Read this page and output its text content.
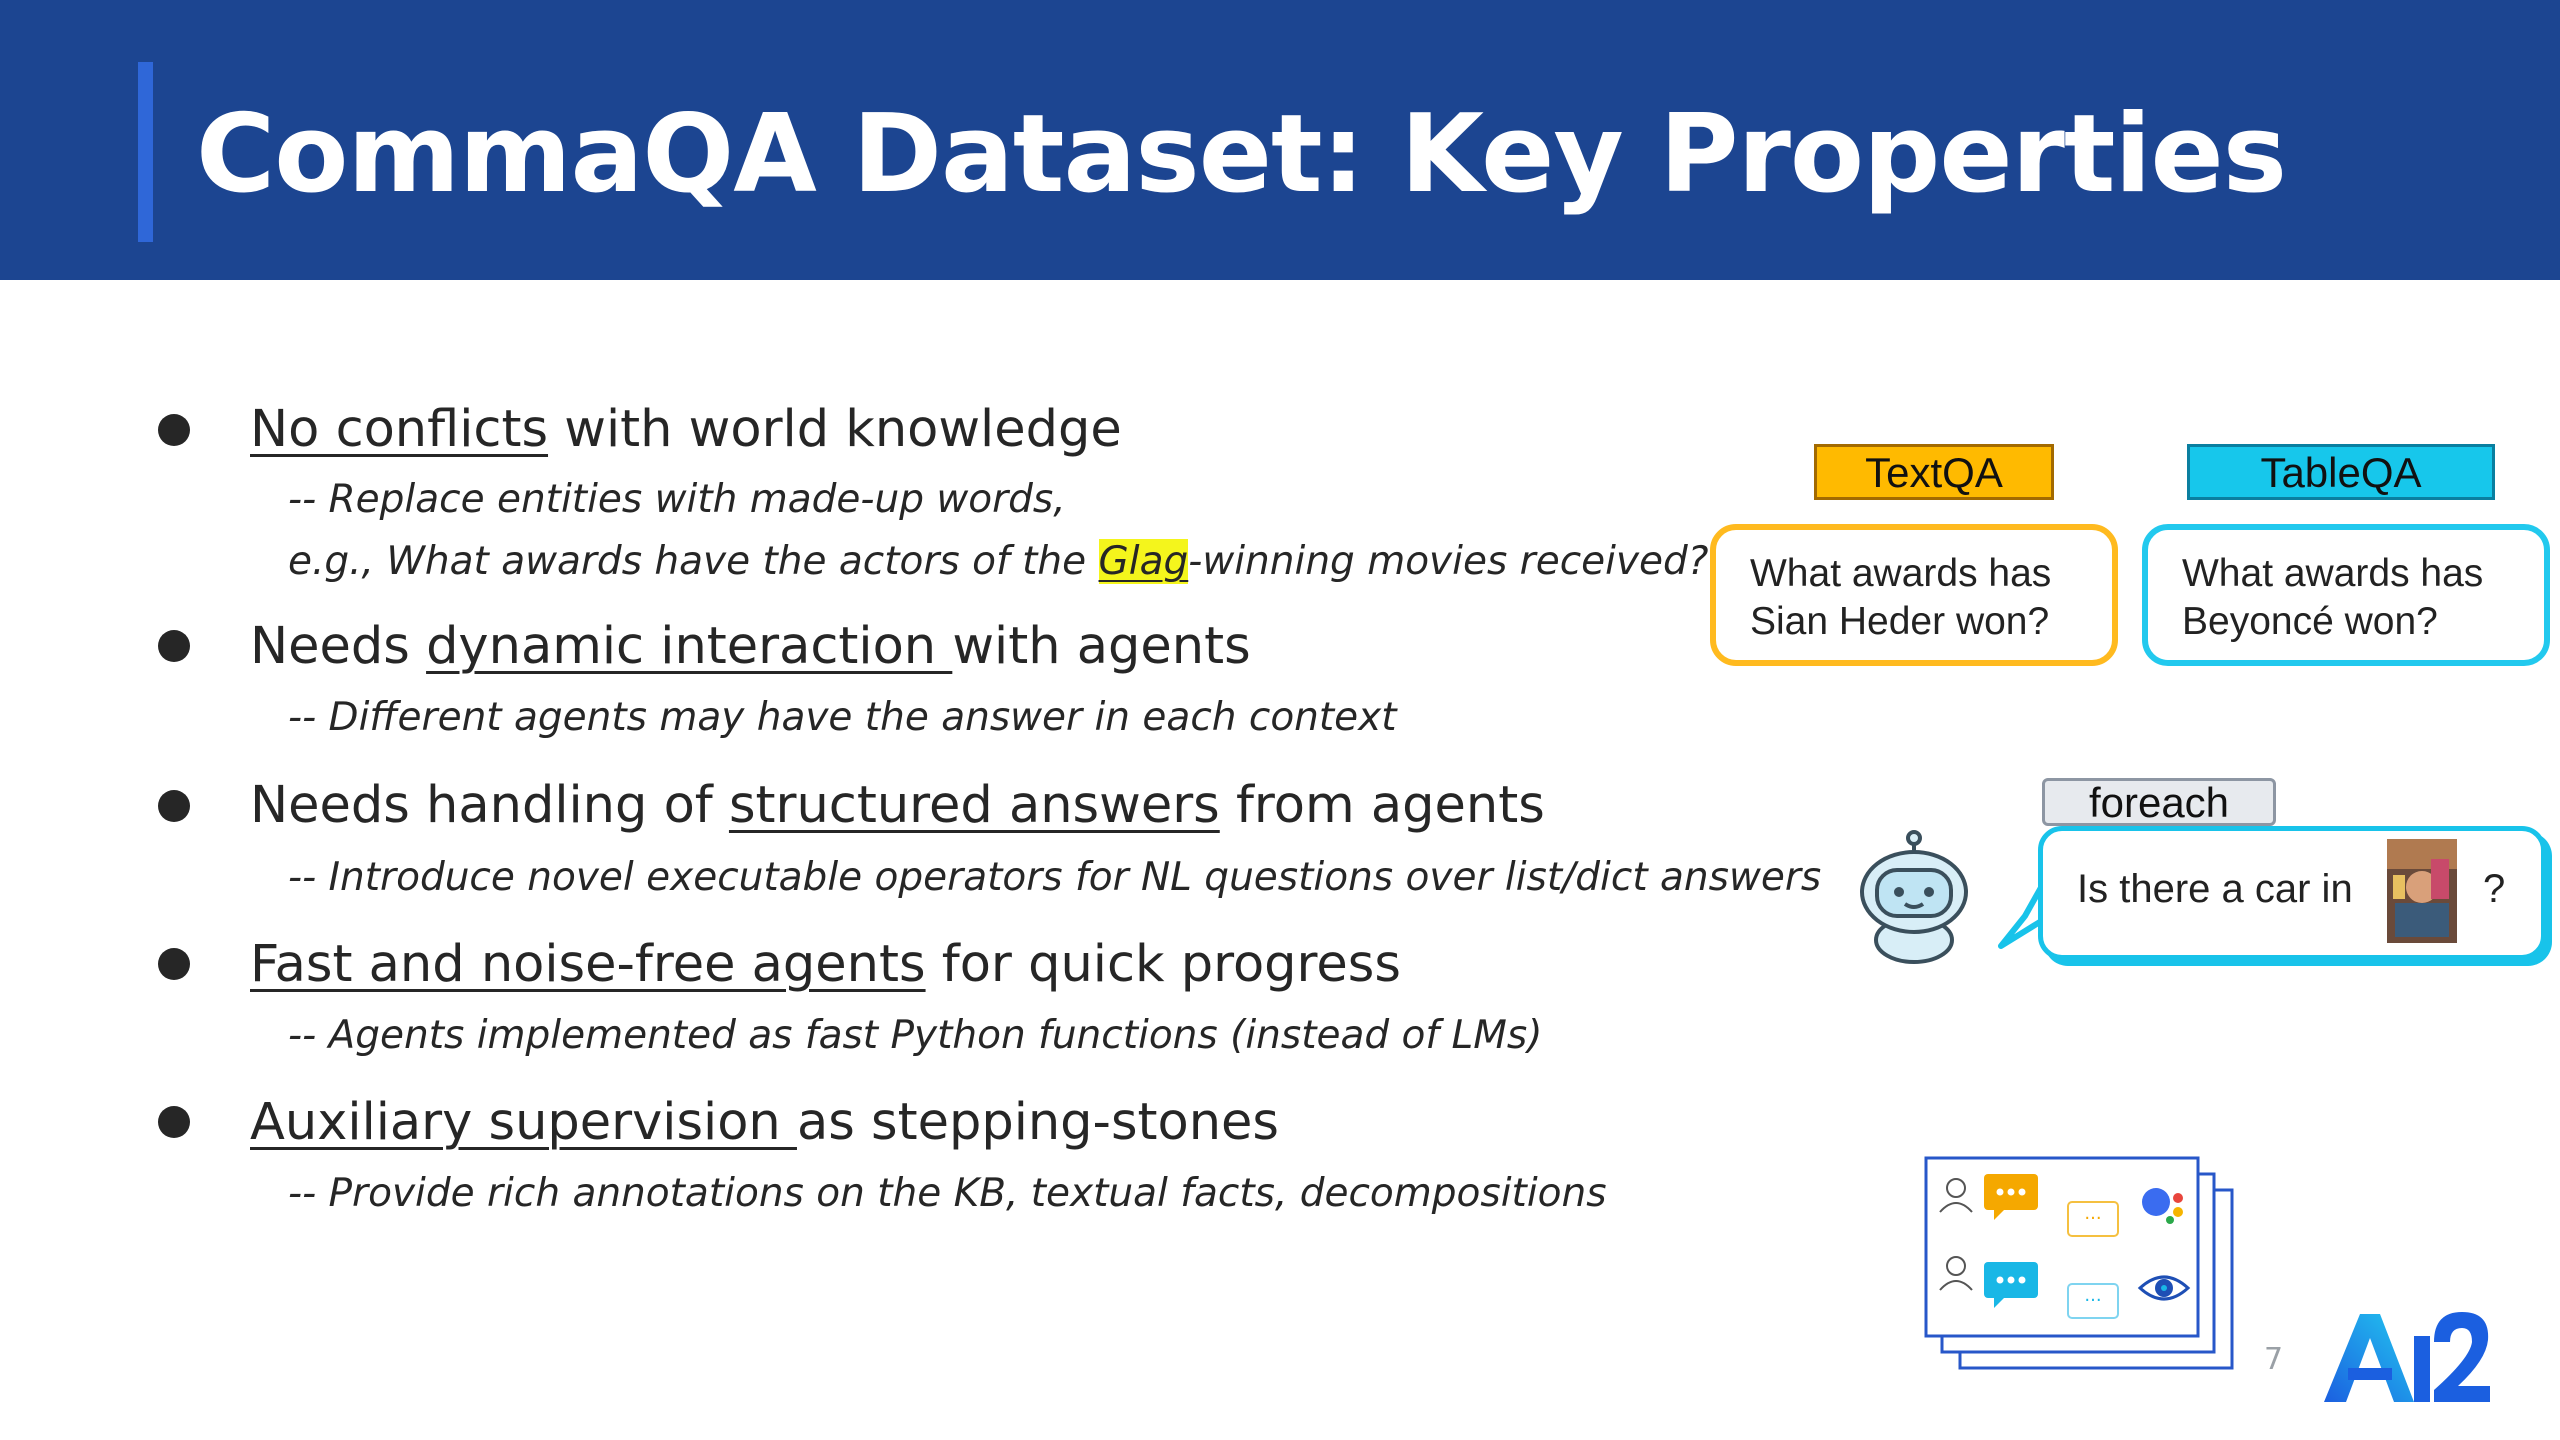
CommaQA Dataset: Key Properties
No conflicts with world knowledge
-- Replace entities with made-up words,
e.g., What awards have the actors of the Glag-winning movies received?
Needs dynamic interaction with agents
-- Different agents may have the answer in each context
Needs handling of structured answers from agents
-- Introduce novel executable operators for NL questions over list/dict answers
Fast and noise-free agents for quick progress
-- Agents implemented as fast Python functions (instead of LMs)
Auxiliary supervision as stepping-stones
-- Provide rich annotations on the KB, textual facts, decompositions
TextQA	TableQA
What awards has
Sian Heder won?
What awards has
Beyoncé won?
foreach
Is there a car in	?
···
···
7
